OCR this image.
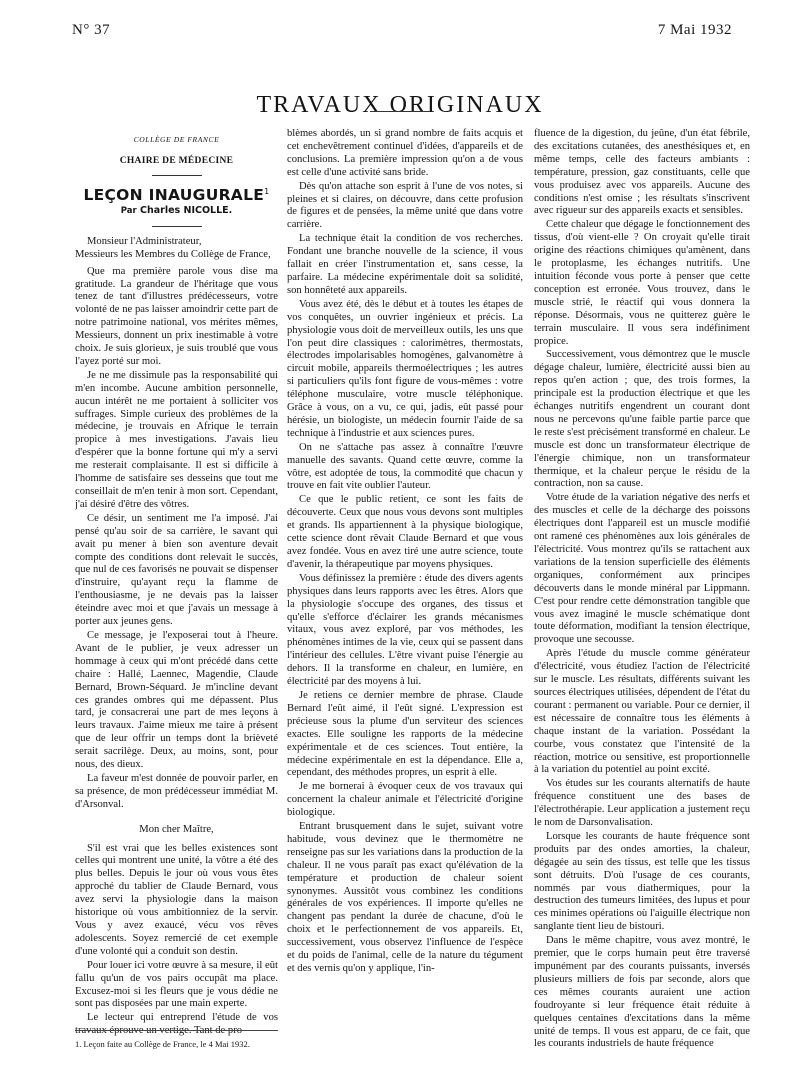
N° 37	7 Mai 1932
TRAVAUX ORIGINAUX
COLLÈGE DE FRANCE
CHAIRE DE MÉDECINE
LEÇON INAUGURALE$^1$
Par Charles NICOLLE.
Monsieur l'Administrateur,
Messieurs les Membres du Collège de France,

Que ma première parole vous dise ma gratitude. La grandeur de l'héritage que vous tenez de tant d'illustres prédécesseurs, votre volonté de ne pas laisser amoindrir cette part de notre patrimoine national, vos mérites mêmes, Messieurs, donnent un prix inestimable à votre choix. Je suis glorieux, je suis troublé que vous l'ayez porté sur moi.

Je ne me dissimule pas la responsabilité qui m'en incombe. Aucune ambition personnelle, aucun intérêt ne me portaient à solliciter vos suffrages. Simple curieux des problèmes de la médecine, je trouvais en Afrique le terrain propice à mes investigations. J'avais lieu d'espérer que la bonne fortune qui m'y a servi me resterait complaisante. Il est si difficile à l'homme de satisfaire ses desseins que tout me conseillait de m'en tenir à mon sort. Cependant, j'ai désiré d'être des vôtres.

Ce désir, un sentiment me l'a imposé. J'ai pensé qu'au soir de sa carrière, le savant qui avait pu mener à bien son aventure devait compte des conditions dont relevait le succès, que nul de ces favorisés ne pouvait se dispenser d'instruire, qu'ayant reçu la flamme de l'enthousiasme, je ne devais pas la laisser éteindre avec moi et que j'avais un message à porter aux jeunes gens.

Ce message, je l'exposerai tout à l'heure. Avant de le publier, je veux adresser un hommage à ceux qui m'ont précédé dans cette chaire : Hallé, Laennec, Magendie, Claude Bernard, Brown-Séquard. Je m'incline devant ces grandes ombres qui me dépassent. Plus tard, je consacrerai une part de mes leçons à leurs travaux. J'aime mieux me taire à présent que de leur offrir un temps dont la brièveté serait sacrilège. Deux, au moins, sont, pour nous, des dieux.

La faveur m'est donnée de pouvoir parler, en sa présence, de mon prédécesseur immédiat M. d'Arsonval.

Mon cher Maître,

S'il est vrai que les belles existences sont celles qui montrent une unité, la vôtre a été des plus belles. Depuis le jour où vous vous êtes approché du tablier de Claude Bernard, vous avez servi la physiologie dans la maison historique où vous ambitionniez de la servir. Vous y avez exaucé, vécu vos rêves adolescents. Soyez remercié de cet exemple d'une volonté qui a conduit son destin.

Pour louer ici votre œuvre à sa mesure, il eût fallu qu'un de vos pairs occupât ma place. Excusez-moi si les fleurs que je vous dédie ne sont pas disposées par une main experte.

Le lecteur qui entreprend l'étude de vos travaux éprouve un vertige. Tant de pro-

blèmes abordés, un si grand nombre de faits acquis et cet enchevêtrement continuel d'idées, d'appareils et de conclusions. La première impression qu'on a de vous est celle d'une activité sans bride.

Dès qu'on attache son esprit à l'une de vos notes, si pleines et si claires, on découvre, dans cette profusion de figures et de pensées, la même unité que dans votre carrière.

La technique était la condition de vos recherches. Fondant une branche nouvelle de la science, il vous fallait en créer l'instrumentation et, sans cesse, la parfaire. La médecine expérimentale doit sa solidité, son honnêteté aux appareils.

Vous avez été, dès le début et à toutes les étapes de vos conquêtes, un ouvrier ingénieux et précis. La physiologie vous doit de merveilleux outils, les uns que l'on peut dire classiques : calorimètres, thermostats, électrodes impolarisables homogènes, galvanomètre à circuit mobile, appareils thermoélectriques ; les autres si particuliers qu'ils font figure de vous-mêmes : votre téléphone musculaire, votre muscle téléphonique. Grâce à vous, on a vu, ce qui, jadis, eût passé pour hérésie, un biologiste, un médecin fournir l'aide de sa technique à l'industrie et aux sciences pures.

On ne s'attache pas assez à connaître l'œuvre manuelle des savants. Quand cette œuvre, comme la vôtre, est adoptée de tous, la commodité que chacun y trouve en fait vite oublier l'auteur.

Ce que le public retient, ce sont les faits de découverte. Ceux que nous vous devons sont multiples et grands. Ils appartiennent à la physique biologique, cette science dont rêvait Claude Bernard et que vous avez fondée. Vous en avez tiré une autre science, toute d'avenir, la thérapeutique par moyens physiques.

Vous définissez la première : étude des divers agents physiques dans leurs rapports avec les êtres. Alors que la physiologie s'occupe des organes, des tissus et qu'elle s'efforce d'éclairer les grands mécanismes vitaux, vous avez exploré, par vos méthodes, les phénomènes intimes de la vie, ceux qui se passent dans l'intérieur des cellules. L'être vivant puise l'énergie au dehors. Il la transforme en chaleur, en lumière, en électricité par des moyens à lui.

Je retiens ce dernier membre de phrase. Claude Bernard l'eût aimé, il l'eût signé. L'expression est précieuse sous la plume d'un serviteur des sciences exactes. Elle souligne les rapports de la médecine expérimentale et de ces sciences. Tout entière, la médecine expérimentale en est la dépendance. Elle a, cependant, des méthodes propres, un esprit à elle.

Je me bornerai à évoquer ceux de vos travaux qui concernent la chaleur animale et l'électricité d'origine biologique.

Entrant brusquement dans le sujet, suivant votre habitude, vous devinez que le thermomètre ne renseigne pas sur les variations dans la production de la chaleur. Il ne vous paraît pas exact qu'élévation de la température et production de chaleur soient synonymes. Aussitôt vous combinez les conditions générales de vos expériences. Il importe qu'elles ne changent pas pendant la durée de chacune, d'où le choix et le perfectionnement de vos appareils. Et, successivement, vous observez l'influence de l'espèce et du poids de l'animal, celle de la nature du tégument et des vernis qu'on y applique, l'in-

fluence de la digestion, du jeûne, d'un état fébrile, des excitations cutanées, des anesthésiques et, en même temps, celle des facteurs ambiants : température, pression, gaz constituants, celle que vous produisez avec vos appareils. Aucune des conditions n'est omise ; les résultats s'inscrivent avec rigueur sur des appareils exacts et sensibles.

Cette chaleur que dégage le fonctionnement des tissus, d'où vient-elle ? On croyait qu'elle tirait origine des réactions chimiques qu'amènent, dans le protoplasme, les échanges nutritifs. Une intuition féconde vous porte à penser que cette conception est erronée. Vous trouvez, dans le muscle strié, le réactif qui vous donnera la réponse. Désormais, vous ne quitterez guère le terrain musculaire. Il vous sera indéfiniment propice.

Successivement, vous démontrez que le muscle dégage chaleur, lumière, électricité aussi bien au repos qu'en action ; que, des trois formes, la principale est la production électrique et que les échanges nutritifs engendrent un courant dont nous ne percevons qu'une faible partie parce que le reste s'est précisément transformé en chaleur. Le muscle est donc un transformateur électrique de l'énergie chimique, non un transformateur thermique, et la chaleur perçue le résidu de la contraction, non sa cause.

Votre étude de la variation négative des nerfs et des muscles et celle de la décharge des poissons électriques dont l'appareil est un muscle modifié ont ramené ces phénomènes aux lois générales de l'électricité. Vous montrez qu'ils se rattachent aux variations de la tension superficielle des éléments organiques, conformément aux principes découverts dans le monde minéral par Lippmann. C'est pour rendre cette démonstration tangible que vous avez imaginé le muscle schématique dont toute déformation, modifiant la tension électrique, provoque une secousse.

Après l'étude du muscle comme générateur d'électricité, vous étudiez l'action de l'électricité sur le muscle. Les résultats, différents suivant les sources électriques utilisées, dépendent de l'état du courant : permanent ou variable. Pour ce dernier, il est nécessaire de connaître tous les éléments à chaque instant de la variation. Possédant la courbe, vous constatez que l'intensité de la réaction, motrice ou sensitive, est proportionnelle à la variation du potentiel au point excité.

Vos études sur les courants alternatifs de haute fréquence constituent une des bases de l'électrothérapie. Leur application a justement reçu le nom de Darsonvalisation.

Lorsque les courants de haute fréquence sont produits par des ondes amorties, la chaleur, dégagée au sein des tissus, est telle que les tissus sont détruits. D'où l'usage de ces courants, nommés par vous diathermiques, pour la destruction des tumeurs limitées, des lupus et pour ces minimes opérations où l'aiguille électrique non sanglante tient lieu de bistouri.

Dans le même chapitre, vous avez montré, le premier, que le corps humain peut être traversé impunément par des courants puissants, inversés plusieurs milliers de fois par seconde, alors que ces mêmes courants auraient une action foudroyante si leur fréquence était réduite à quelques centaines d'excitations dans la même unité de temps. Il vous est apparu, de ce fait, que les courants industriels de haute fréquence

1. Leçon faite au Collège de France, le 4 Mai 1932.
